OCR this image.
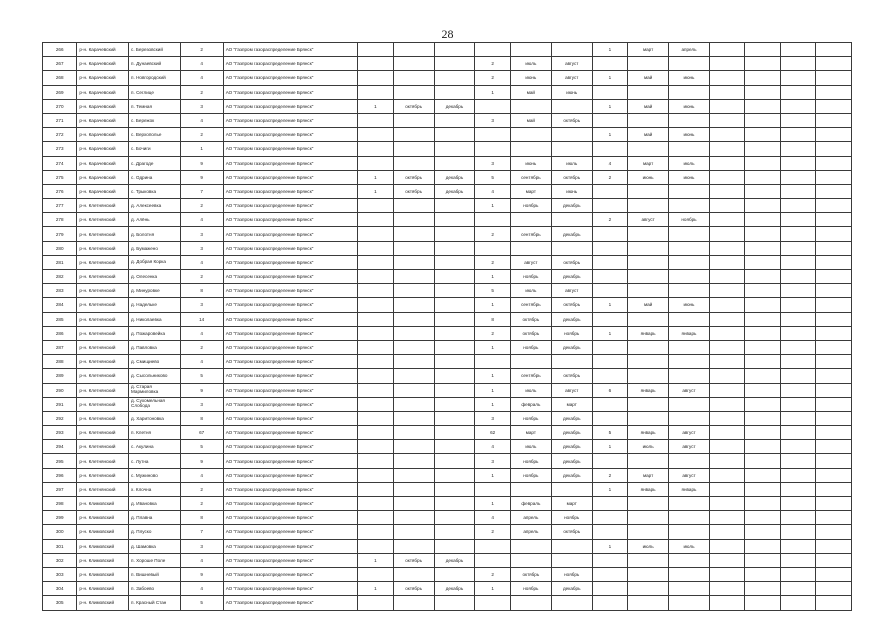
28
266	р-н. Карачевский	с. Березовский	2	АО "Газпром газораспределение Брянск"							1	март	апрель				
267	р-н. Карачевский	п. Дунаевский	4	АО "Газпром газораспределение Брянск"				2	июль	август							
268	р-н. Карачевский	п. Новгородский	4	АО "Газпром газораспределение Брянск"				2	июнь	август	1	май	июнь				
269	р-н. Карачевский	п. Сеглице	2	АО "Газпром газораспределение Брянск"				1	май	июнь							
270	р-н. Карачевский	п. Темная	3	АО "Газпром газораспределение Брянск"	1	октябрь	декабрь				1	май	июнь				
271	р-н. Карачевский	с. Бережок	4	АО "Газпром газораспределение Брянск"				3	май	октябрь							
272	р-н. Карачевский	с. Верхополье	2	АО "Газпром газораспределение Брянск"							1	май	июнь				
273	р-н. Карачевский	с. Бочиги	1	АО "Газпром газораспределение Брянск"													
274	р-н. Карачевский	с. Драгоде	9	АО "Газпром газораспределение Брянск"				3	июнь	июль	4	март	июль				
275	р-н. Карачевский	с. Одрина	9	АО "Газпром газораспределение Брянск"	1	октябрь	декабрь	5	сентябрь	октябрь	2	июнь	июнь				
276	р-н. Карачевский	с. Трыковка	7	АО "Газпром газораспределение Брянск"	1	октябрь	декабрь	4	март	июнь							
277	р-н. Клетнянский	д. Алексеевка	2	АО "Газпром газораспределение Брянск"				1	ноябрь	декабрь							
278	р-н. Клетнянский	д. Алёнь	4	АО "Газпром газораспределение Брянск"							2	август	ноябрь				
279	р-н. Клетнянский	д. Болотня	3	АО "Газпром газораспределение Брянск"				2	сентябрь	декабрь							
280	р-н. Клетнянский	д. Бумажено	3	АО "Газпром газораспределение Брянск"													
281	р-н. Клетнянский	д. Добрая Корка	4	АО "Газпром газораспределение Брянск"				2	август	октябрь							
282	р-н. Клетнянский	д. Олесенка	2	АО "Газпром газораспределение Брянск"				1	ноябрь	декабрь							
283	р-н. Клетнянский	д. Минуровке	8	АО "Газпром газораспределение Брянск"				5	июль	август							
284	р-н. Клетнянский	д. Надельке	3	АО "Газпром газораспределение Брянск"				1	сентябрь	октябрь	1	май	июнь				
285	р-н. Клетнянский	д. Николаевка	14	АО "Газпром газораспределение Брянск"				8	октябрь	декабрь							
286	р-н. Клетнянский	д. Пожаровейка	4	АО "Газпром газораспределение Брянск"				2	октябрь	ноябрь	1	январь	январь				
287	р-н. Клетнянский	д. Павловка	2	АО "Газпром газораспределение Брянск"				1	ноябрь	декабрь							
288	р-н. Клетнянский	д. Смищиево	4	АО "Газпром газораспределение Брянск"													
289	р-н. Клетнянский	д. Сысольниково	5	АО "Газпром газораспределение Брянск"				1	сентябрь	октябрь							
290	р-н. Клетнянский	д. Старая Мармиловка	9	АО "Газпром газораспределение Брянск"				1	июль	август	6	январь	август				
291	р-н. Клетнянский	д. Сухомельная Слобода	3	АО "Газпром газораспределение Брянск"				1	февраль	март							
292	р-н. Клетнянский	д. Харитоновка	8	АО "Газпром газораспределение Брянск"				3	ноябрь	декабрь							
293	р-н. Клетнянский	п. Клетня	67	АО "Газпром газораспределение Брянск"				62	март	декабрь	5	январь	август				
294	р-н. Клетнянский	с. Акулина	5	АО "Газпром газораспределение Брянск"				4	июль	декабрь	1	июль	август				
295	р-н. Клетнянский	с. Лутна	9	АО "Газпром газораспределение Брянск"				3	ноябрь	декабрь							
296	р-н. Клетнянский	с. Мужиново	4	АО "Газпром газораспределение Брянск"				1	ноябрь	декабрь	2	март	август				
297	р-н. Клетнянский	х. Клочна	2	АО "Газпром газораспределение Брянск"							1	январь	январь				
298	р-н. Климовский	д. Ивановка	2	АО "Газпром газораспределение Брянск"				1	февраль	март							
299	р-н. Климовский	д. Плавна	8	АО "Газпром газораспределение Брянск"				4	апрель	ноябрь							
300	р-н. Климовский	д. Плуско	7	АО "Газпром газораспределение Брянск"				2	апрель	октябрь							
301	р-н. Климовский	д. Шамовка	3	АО "Газпром газораспределение Брянск"							1	июль	июль				
302	р-н. Климовский	п. Хороше Поле	4	АО "Газпром газораспределение Брянск"	1	октябрь	декабрь										
303	р-н. Климовский	п. Вишневый	9	АО "Газпром газораспределение Брянск"				2	октябрь	ноябрь							
304	р-н. Климовский	п. Забоево	4	АО "Газпром газораспределение Брянск"	1	октябрь	декабрь	1	ноябрь	декабрь							
305	р-н. Климовский	п. Красный Стан	5	АО "Газпром газораспределение Брянск"													
